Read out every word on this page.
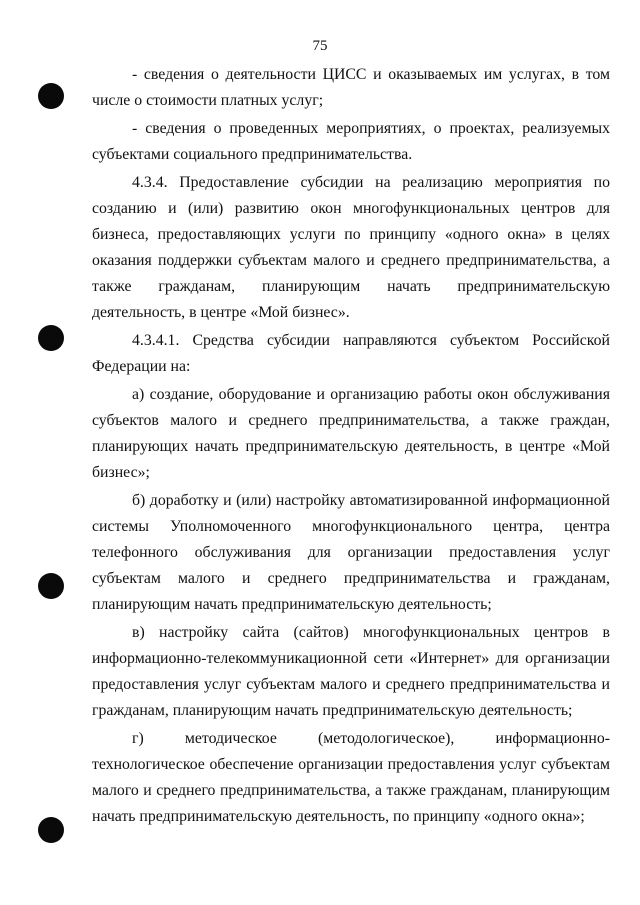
75

- сведения о деятельности ЦИСС и оказываемых им услугах, в том числе о стоимости платных услуг;

- сведения о проведенных мероприятиях, о проектах, реализуемых субъектами социального предпринимательства.

4.3.4. Предоставление субсидии на реализацию мероприятия по созданию и (или) развитию окон многофункциональных центров для бизнеса, предоставляющих услуги по принципу «одного окна» в целях оказания поддержки субъектам малого и среднего предпринимательства, а также гражданам, планирующим начать предпринимательскую деятельность, в центре «Мой бизнес».

4.3.4.1. Средства субсидии направляются субъектом Российской Федерации на:

а) создание, оборудование и организацию работы окон обслуживания субъектов малого и среднего предпринимательства, а также граждан, планирующих начать предпринимательскую деятельность, в центре «Мой бизнес»;

б) доработку и (или) настройку автоматизированной информационной системы Уполномоченного многофункционального центра, центра телефонного обслуживания для организации предоставления услуг субъектам малого и среднего предпринимательства и гражданам, планирующим начать предпринимательскую деятельность;

в) настройку сайта (сайтов) многофункциональных центров в информационно-телекоммуникационной сети «Интернет» для организации предоставления услуг субъектам малого и среднего предпринимательства и гражданам, планирующим начать предпринимательскую деятельность;

г) методическое (методологическое), информационно-технологическое обеспечение организации предоставления услуг субъектам малого и среднего предпринимательства, а также гражданам, планирующим начать предпринимательскую деятельность, по принципу «одного окна»;
